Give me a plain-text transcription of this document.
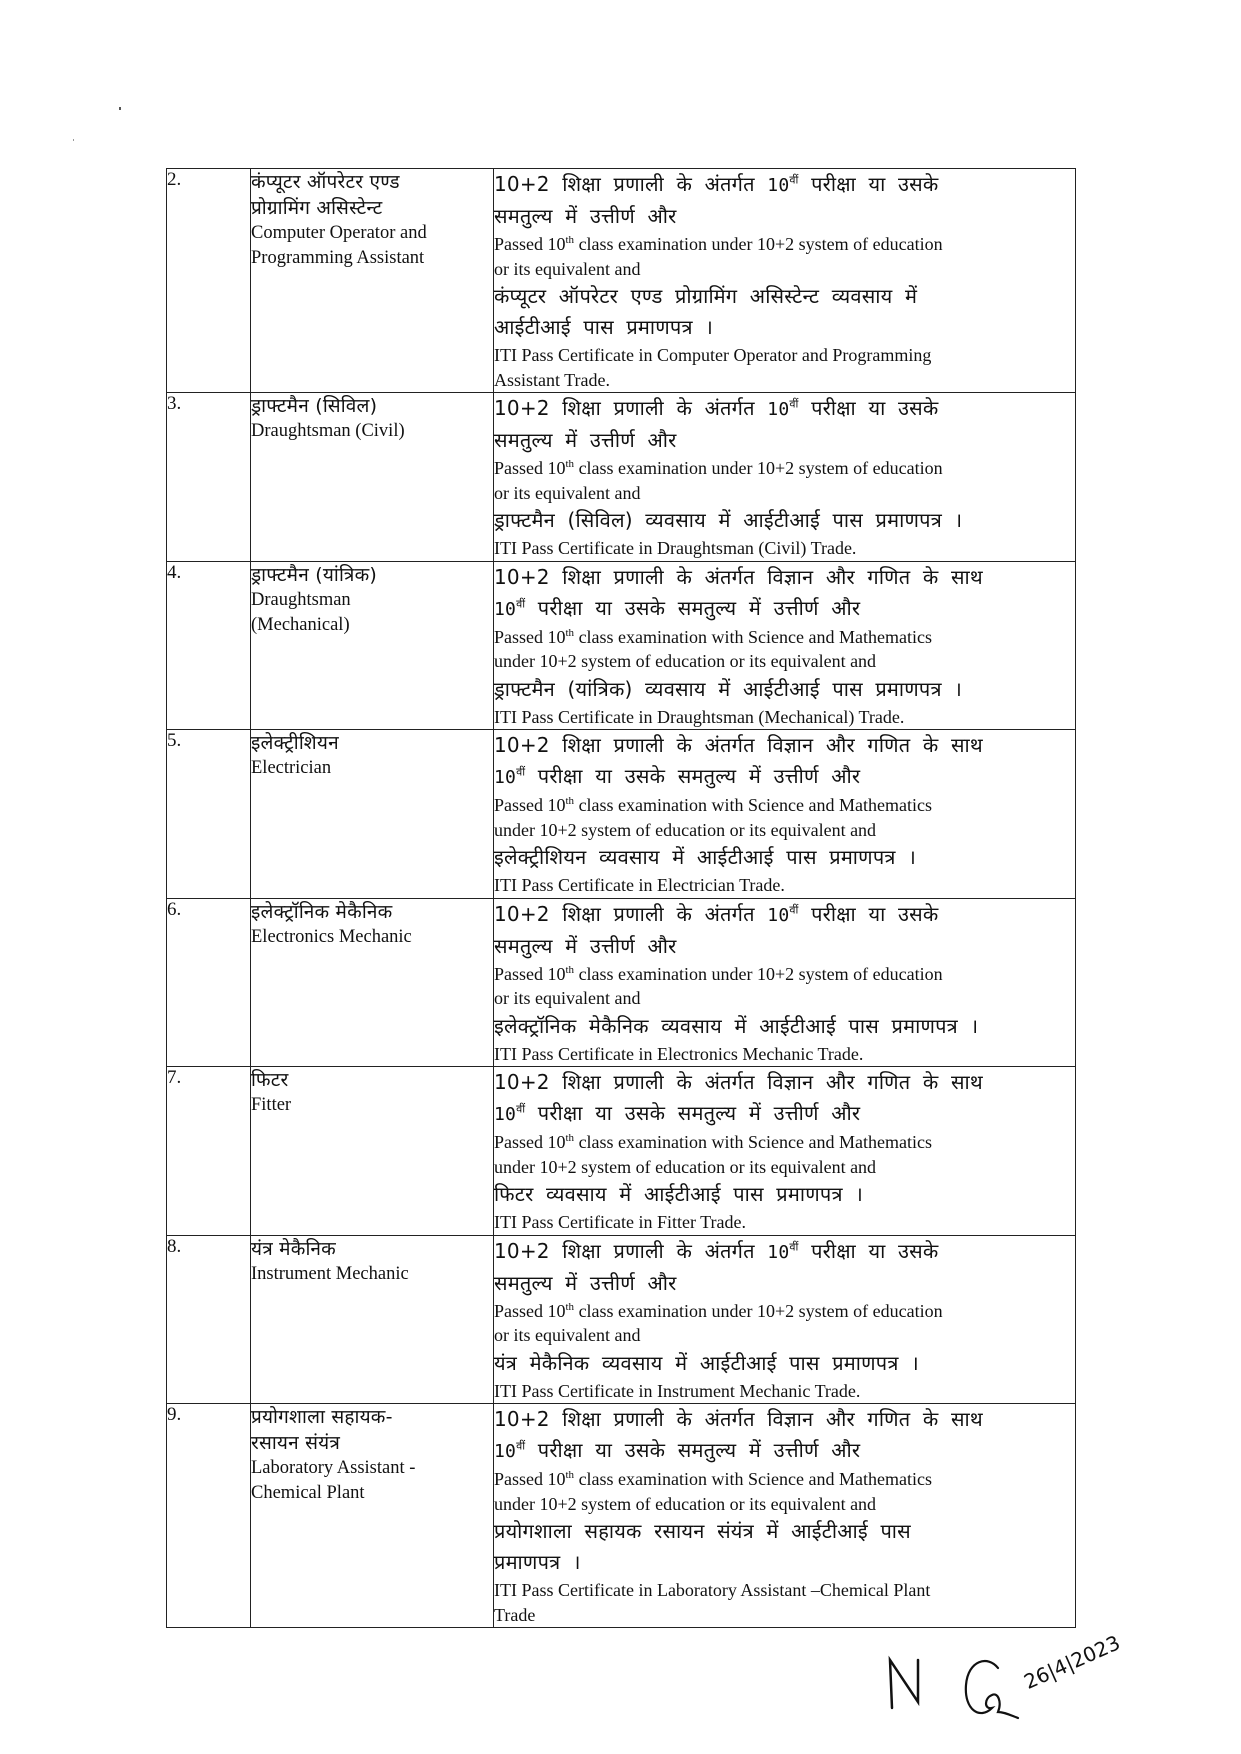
2.	कंप्यूटर ऑपरेटर एण्ड
प्रोग्रामिंग असिस्टेन्ट
Computer Operator and
Programming Assistant

10+2 शिक्षा प्रणाली के अंतर्गत $10^{वीं}$ परीक्षा या उसके
समतुल्य में उत्तीर्ण और
Passed 10th class examination under 10+2 system of education
or its equivalent and
कंप्यूटर ऑपरेटर एण्ड प्रोग्रामिंग असिस्टेन्ट व्यवसाय में
आईटीआई पास प्रमाणपत्र ।
ITI Pass Certificate in Computer Operator and Programming
Assistant Trade.

3.	ड्राफ्टमैन (सिविल)
Draughtsman (Civil)

10+2 शिक्षा प्रणाली के अंतर्गत $10^{वीं}$ परीक्षा या उसके
समतुल्य में उत्तीर्ण और
Passed 10th class examination under 10+2 system of education
or its equivalent and
ड्राफ्टमैन (सिविल) व्यवसाय में आईटीआई पास प्रमाणपत्र ।
ITI Pass Certificate in Draughtsman (Civil) Trade.

4.	ड्राफ्टमैन (यांत्रिक)
Draughtsman
(Mechanical)

10+2 शिक्षा प्रणाली के अंतर्गत विज्ञान और गणित के साथ
$10^{वीं}$ परीक्षा या उसके समतुल्य में उत्तीर्ण और
Passed 10th class examination with Science and Mathematics
under 10+2 system of education or its equivalent and
ड्राफ्टमैन (यांत्रिक) व्यवसाय में आईटीआई पास प्रमाणपत्र ।
ITI Pass Certificate in Draughtsman (Mechanical) Trade.

5.	इलेक्ट्रीशियन
Electrician

10+2 शिक्षा प्रणाली के अंतर्गत विज्ञान और गणित के साथ
$10^{वीं}$ परीक्षा या उसके समतुल्य में उत्तीर्ण और
Passed 10th class examination with Science and Mathematics
under 10+2 system of education or its equivalent and
इलेक्ट्रीशियन व्यवसाय में आईटीआई पास प्रमाणपत्र ।
ITI Pass Certificate in Electrician Trade.

6.	इलेक्ट्रॉनिक मेकैनिक
Electronics Mechanic

10+2 शिक्षा प्रणाली के अंतर्गत $10^{वीं}$ परीक्षा या उसके
समतुल्य में उत्तीर्ण और
Passed 10th class examination under 10+2 system of education
or its equivalent and
इलेक्ट्रॉनिक मेकैनिक व्यवसाय में आईटीआई पास प्रमाणपत्र ।
ITI Pass Certificate in Electronics Mechanic Trade.

7.	फिटर
Fitter

10+2 शिक्षा प्रणाली के अंतर्गत विज्ञान और गणित के साथ
$10^{वीं}$ परीक्षा या उसके समतुल्य में उत्तीर्ण और
Passed 10th class examination with Science and Mathematics
under 10+2 system of education or its equivalent and
फिटर व्यवसाय में आईटीआई पास प्रमाणपत्र ।
ITI Pass Certificate in Fitter Trade.

8.	यंत्र मेकैनिक
Instrument Mechanic

10+2 शिक्षा प्रणाली के अंतर्गत $10^{वीं}$ परीक्षा या उसके
समतुल्य में उत्तीर्ण और
Passed 10th class examination under 10+2 system of education
or its equivalent and
यंत्र मेकैनिक व्यवसाय में आईटीआई पास प्रमाणपत्र ।
ITI Pass Certificate in Instrument Mechanic Trade.

9.	प्रयोगशाला सहायक-
रसायन संयंत्र
Laboratory Assistant -
Chemical Plant

10+2 शिक्षा प्रणाली के अंतर्गत विज्ञान और गणित के साथ
$10^{वीं}$ परीक्षा या उसके समतुल्य में उत्तीर्ण और
Passed 10th class examination with Science and Mathematics
under 10+2 system of education or its equivalent and
प्रयोगशाला सहायक रसायन संयंत्र में आईटीआई पास
प्रमाणपत्र ।
ITI Pass Certificate in Laboratory Assistant –Chemical Plant
Trade
26|4|2023
